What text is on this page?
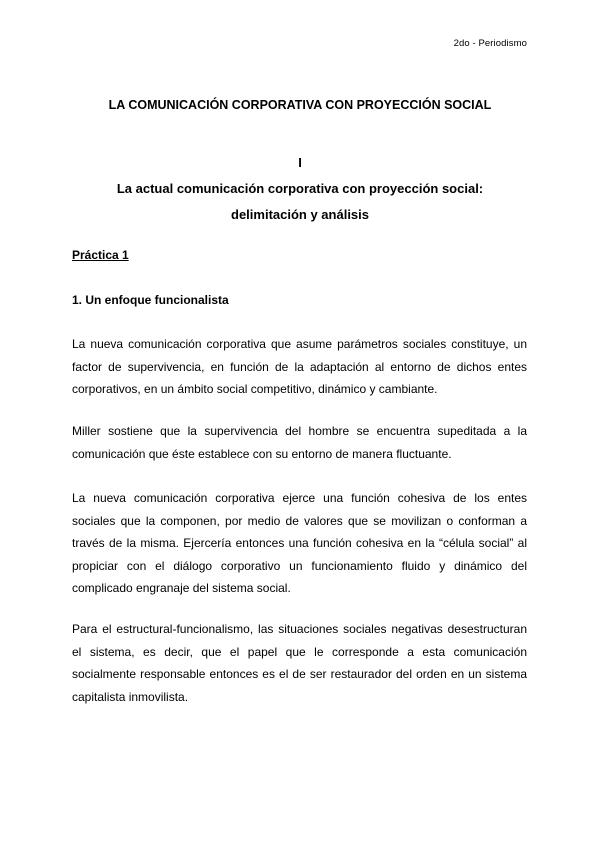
2do - Periodismo
LA COMUNICACIÓN CORPORATIVA CON PROYECCIÓN SOCIAL
I
La actual comunicación corporativa con proyección social:
delimitación y análisis
Práctica 1
1. Un enfoque funcionalista

La nueva comunicación corporativa que asume parámetros sociales constituye, un factor de supervivencia, en función de la adaptación al entorno de dichos entes corporativos, en un ámbito social competitivo, dinámico y cambiante.

Miller sostiene que la supervivencia del hombre se encuentra supeditada a la comunicación que éste establece con su entorno de manera fluctuante.

La nueva comunicación corporativa ejerce una función cohesiva de los entes sociales que la componen, por medio de valores que se movilizan o conforman a través de la misma. Ejercería entonces una función cohesiva en la “célula social” al propiciar con el diálogo corporativo un funcionamiento fluido y dinámico del complicado engranaje del sistema social.

Para el estructural-funcionalismo, las situaciones sociales negativas desestructuran el sistema, es decir, que el papel que le corresponde a esta comunicación socialmente responsable entonces es el de ser restaurador del orden en un sistema capitalista inmovilista.
